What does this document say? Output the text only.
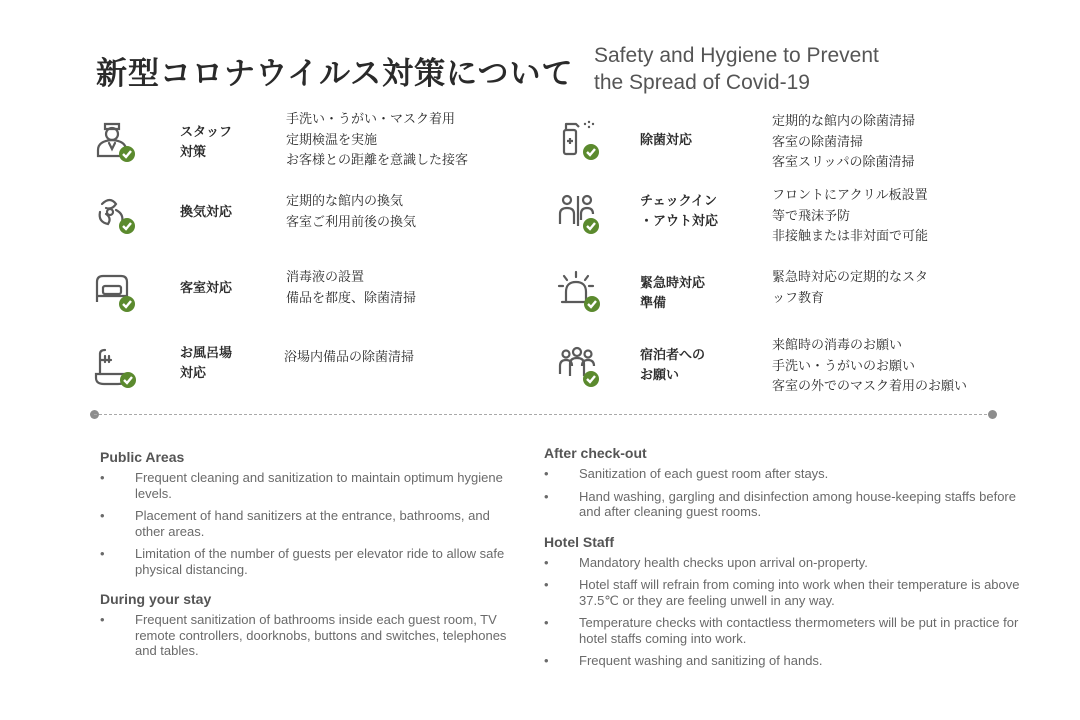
新型コロナウイルス対策について
Safety and Hygiene to Prevent
the Spread of Covid-19
スタッフ
対策
手洗い・うがい・マスク着用
定期検温を実施
お客様との距離を意識した接客
換気対応
定期的な館内の換気
客室ご利用前後の換気
客室対応
消毒液の設置
備品を都度、除菌清掃
お風呂場
対応
浴場内備品の除菌清掃
除菌対応
定期的な館内の除菌清掃
客室の除菌清掃
客室スリッパの除菌清掃
チェックイン
・アウト対応
フロントにアクリル板設置
等で飛沫予防
非接触または非対面で可能
緊急時対応
準備
緊急時対応の定期的なスタ
ッフ教育
宿泊者への
お願い
来館時の消毒のお願い
手洗い・うがいのお願い
客室の外でのマスク着用のお願い
Public Areas
• Frequent cleaning and sanitization to maintain optimum hygiene levels.
• Placement of hand sanitizers at the entrance, bathrooms, and other areas.
• Limitation of the number of guests per elevator ride to allow safe physical distancing.
During your stay
• Frequent sanitization of bathrooms inside each guest room, TV remote controllers, doorknobs, buttons and switches, telephones and tables.
After check-out
• Sanitization of each guest room after stays.
• Hand washing, gargling and disinfection among house-keeping staffs before and after cleaning guest rooms.
Hotel Staff
• Mandatory health checks upon arrival on-property.
• Hotel staff will refrain from coming into work when their temperature is above 37.5℃ or they are feeling unwell in any way.
• Temperature checks with contactless thermometers will be put in practice for hotel staffs coming into work.
• Frequent washing and sanitizing of hands.
